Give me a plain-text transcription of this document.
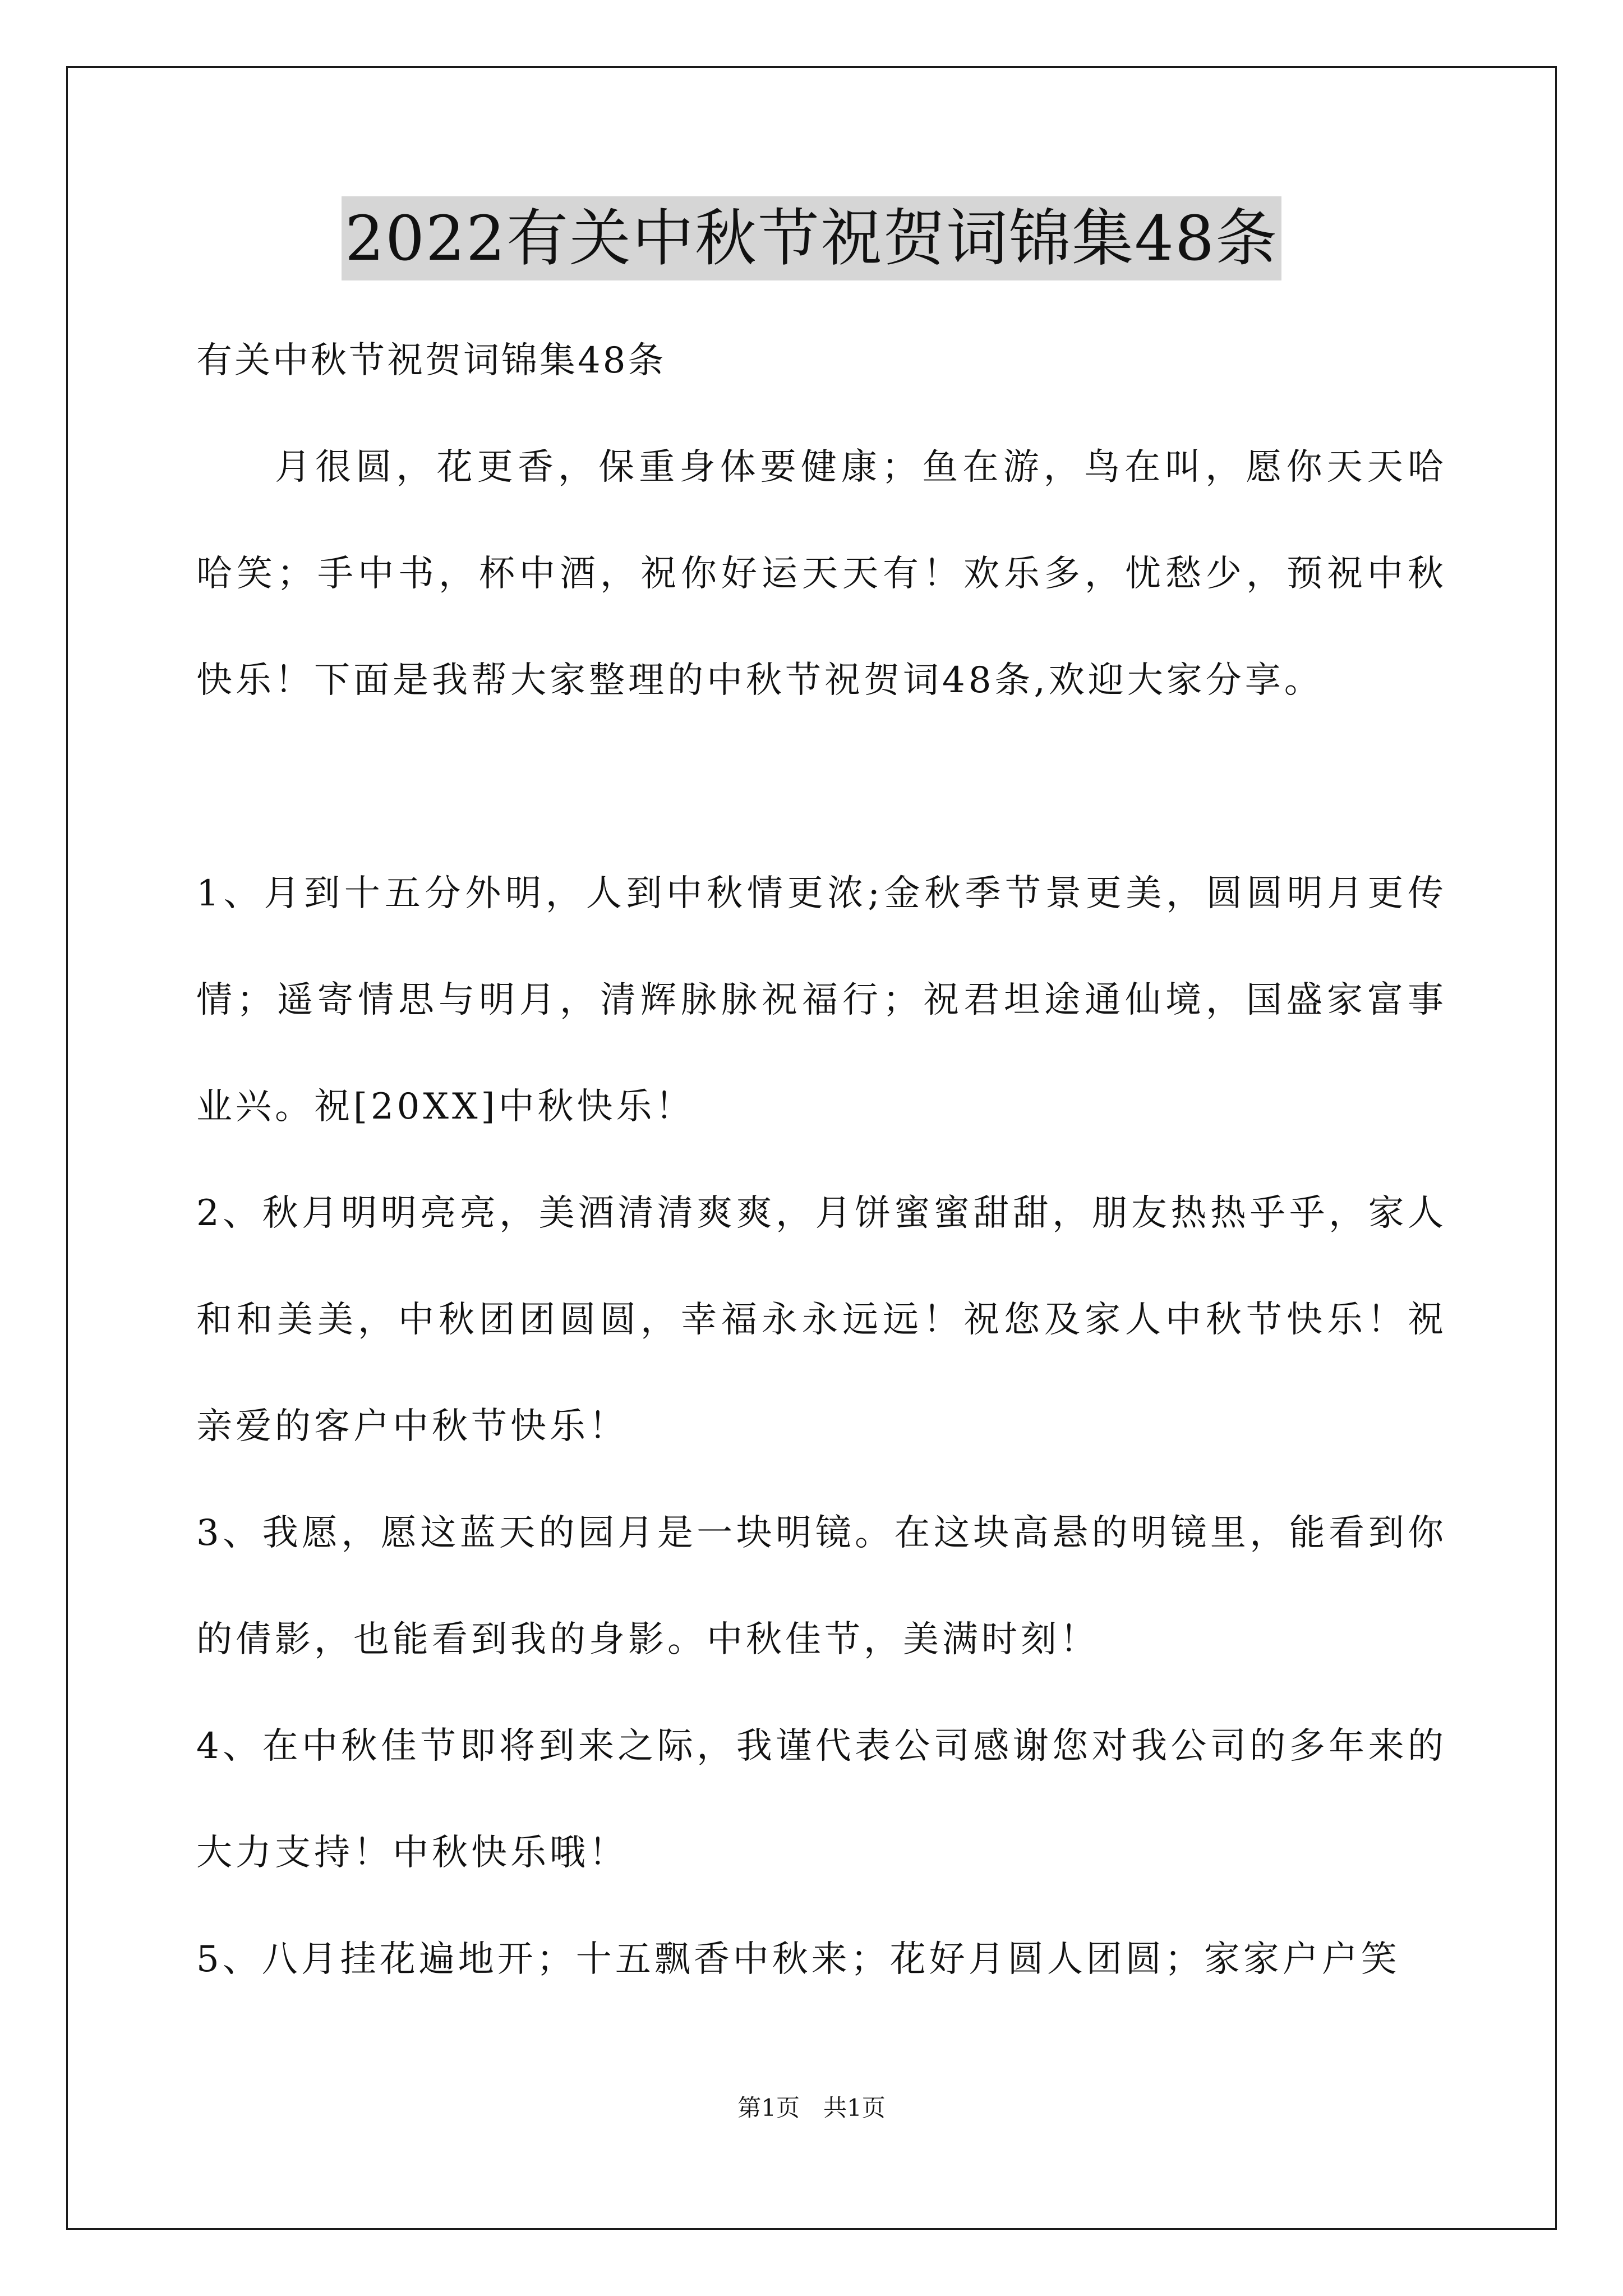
2022有关中秋节祝贺词锦集48条

有关中秋节祝贺词锦集48条

月很圆，花更香，保重身体要健康；鱼在游，鸟在叫，愿你天天哈哈笑；手中书，杯中酒，祝你好运天天有！欢乐多，忧愁少，预祝中秋快乐！下面是我帮大家整理的中秋节祝贺词48条,欢迎大家分享。

1、月到十五分外明，人到中秋情更浓;金秋季节景更美，圆圆明月更传情；遥寄情思与明月，清辉脉脉祝福行；祝君坦途通仙境，国盛家富事业兴。祝[20XX]中秋快乐！

2、秋月明明亮亮，美酒清清爽爽，月饼蜜蜜甜甜，朋友热热乎乎，家人和和美美，中秋团团圆圆，幸福永永远远！祝您及家人中秋节快乐！祝亲爱的客户中秋节快乐！

3、我愿，愿这蓝天的园月是一块明镜。在这块高悬的明镜里，能看到你的倩影，也能看到我的身影。中秋佳节，美满时刻！

4、在中秋佳节即将到来之际，我谨代表公司感谢您对我公司的多年来的大力支持！中秋快乐哦！

5、八月挂花遍地开；十五飘香中秋来；花好月圆人团圆；家家户户笑

第1页　共1页
